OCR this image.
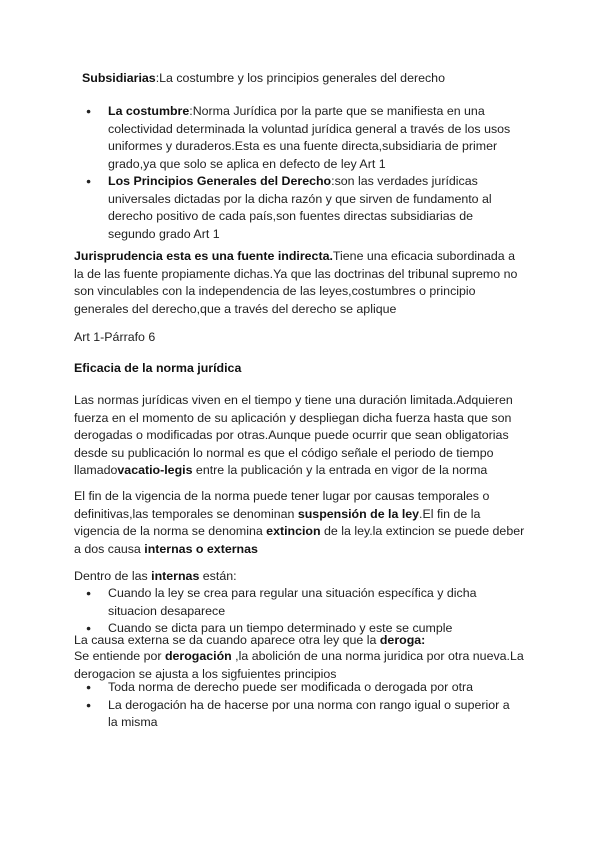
Subsidiarias:La costumbre y los principios generales del derecho

● La costumbre:Norma Jurídica por la parte que se manifiesta en una colectividad determinada la voluntad jurídica general a través de los usos uniformes y duraderos.Esta es una fuente directa,subsidiaria de primer grado,ya que solo se aplica en defecto de ley Art 1
● Los Principios Generales del Derecho:son las verdades jurídicas universales dictadas por la dicha razón y que sirven de fundamento al derecho positivo de cada país,son fuentes directas subsidiarias de segundo grado Art 1

Jurisprudencia esta es una fuente indirecta.Tiene una eficacia subordinada a la de las fuente propiamente dichas.Ya que las doctrinas del tribunal supremo no son vinculables con la independencia de las leyes,costumbres o principio generales del derecho,que a través del derecho se aplique

Art 1-Párrafo 6

Eficacia de la norma jurídica

Las normas jurídicas viven en el tiempo y tiene una duración limitada.Adquieren fuerza en el momento de su aplicación y despliegan dicha fuerza hasta que son derogadas o modificadas por otras.Aunque puede ocurrir que sean obligatorias desde su publicación lo normal es que el código señale el periodo de tiempo llamadovacatio-legis entre la publicación y la entrada en vigor de la norma

El fin de la vigencia de la norma puede tener lugar por causas temporales o definitivas,las temporales se denominan suspensión de la ley.El fin de la vigencia de la norma se denomina extincion de la ley.la extincion se puede deber a dos causa internas o externas

Dentro de las internas están:

● Cuando la ley se crea para regular una situación específica y dicha situacion desaparece
● Cuando se dicta para un tiempo determinado y este se cumple

La causa externa se da cuando aparece otra ley que la deroga:

Se entiende por derogación ,la abolición de una norma juridica por otra nueva.La derogacion se ajusta a los sigfuientes principios

● Toda norma de derecho puede ser modificada o derogada por otra
● La derogación ha de hacerse por una norma con rango igual o superior a la misma
